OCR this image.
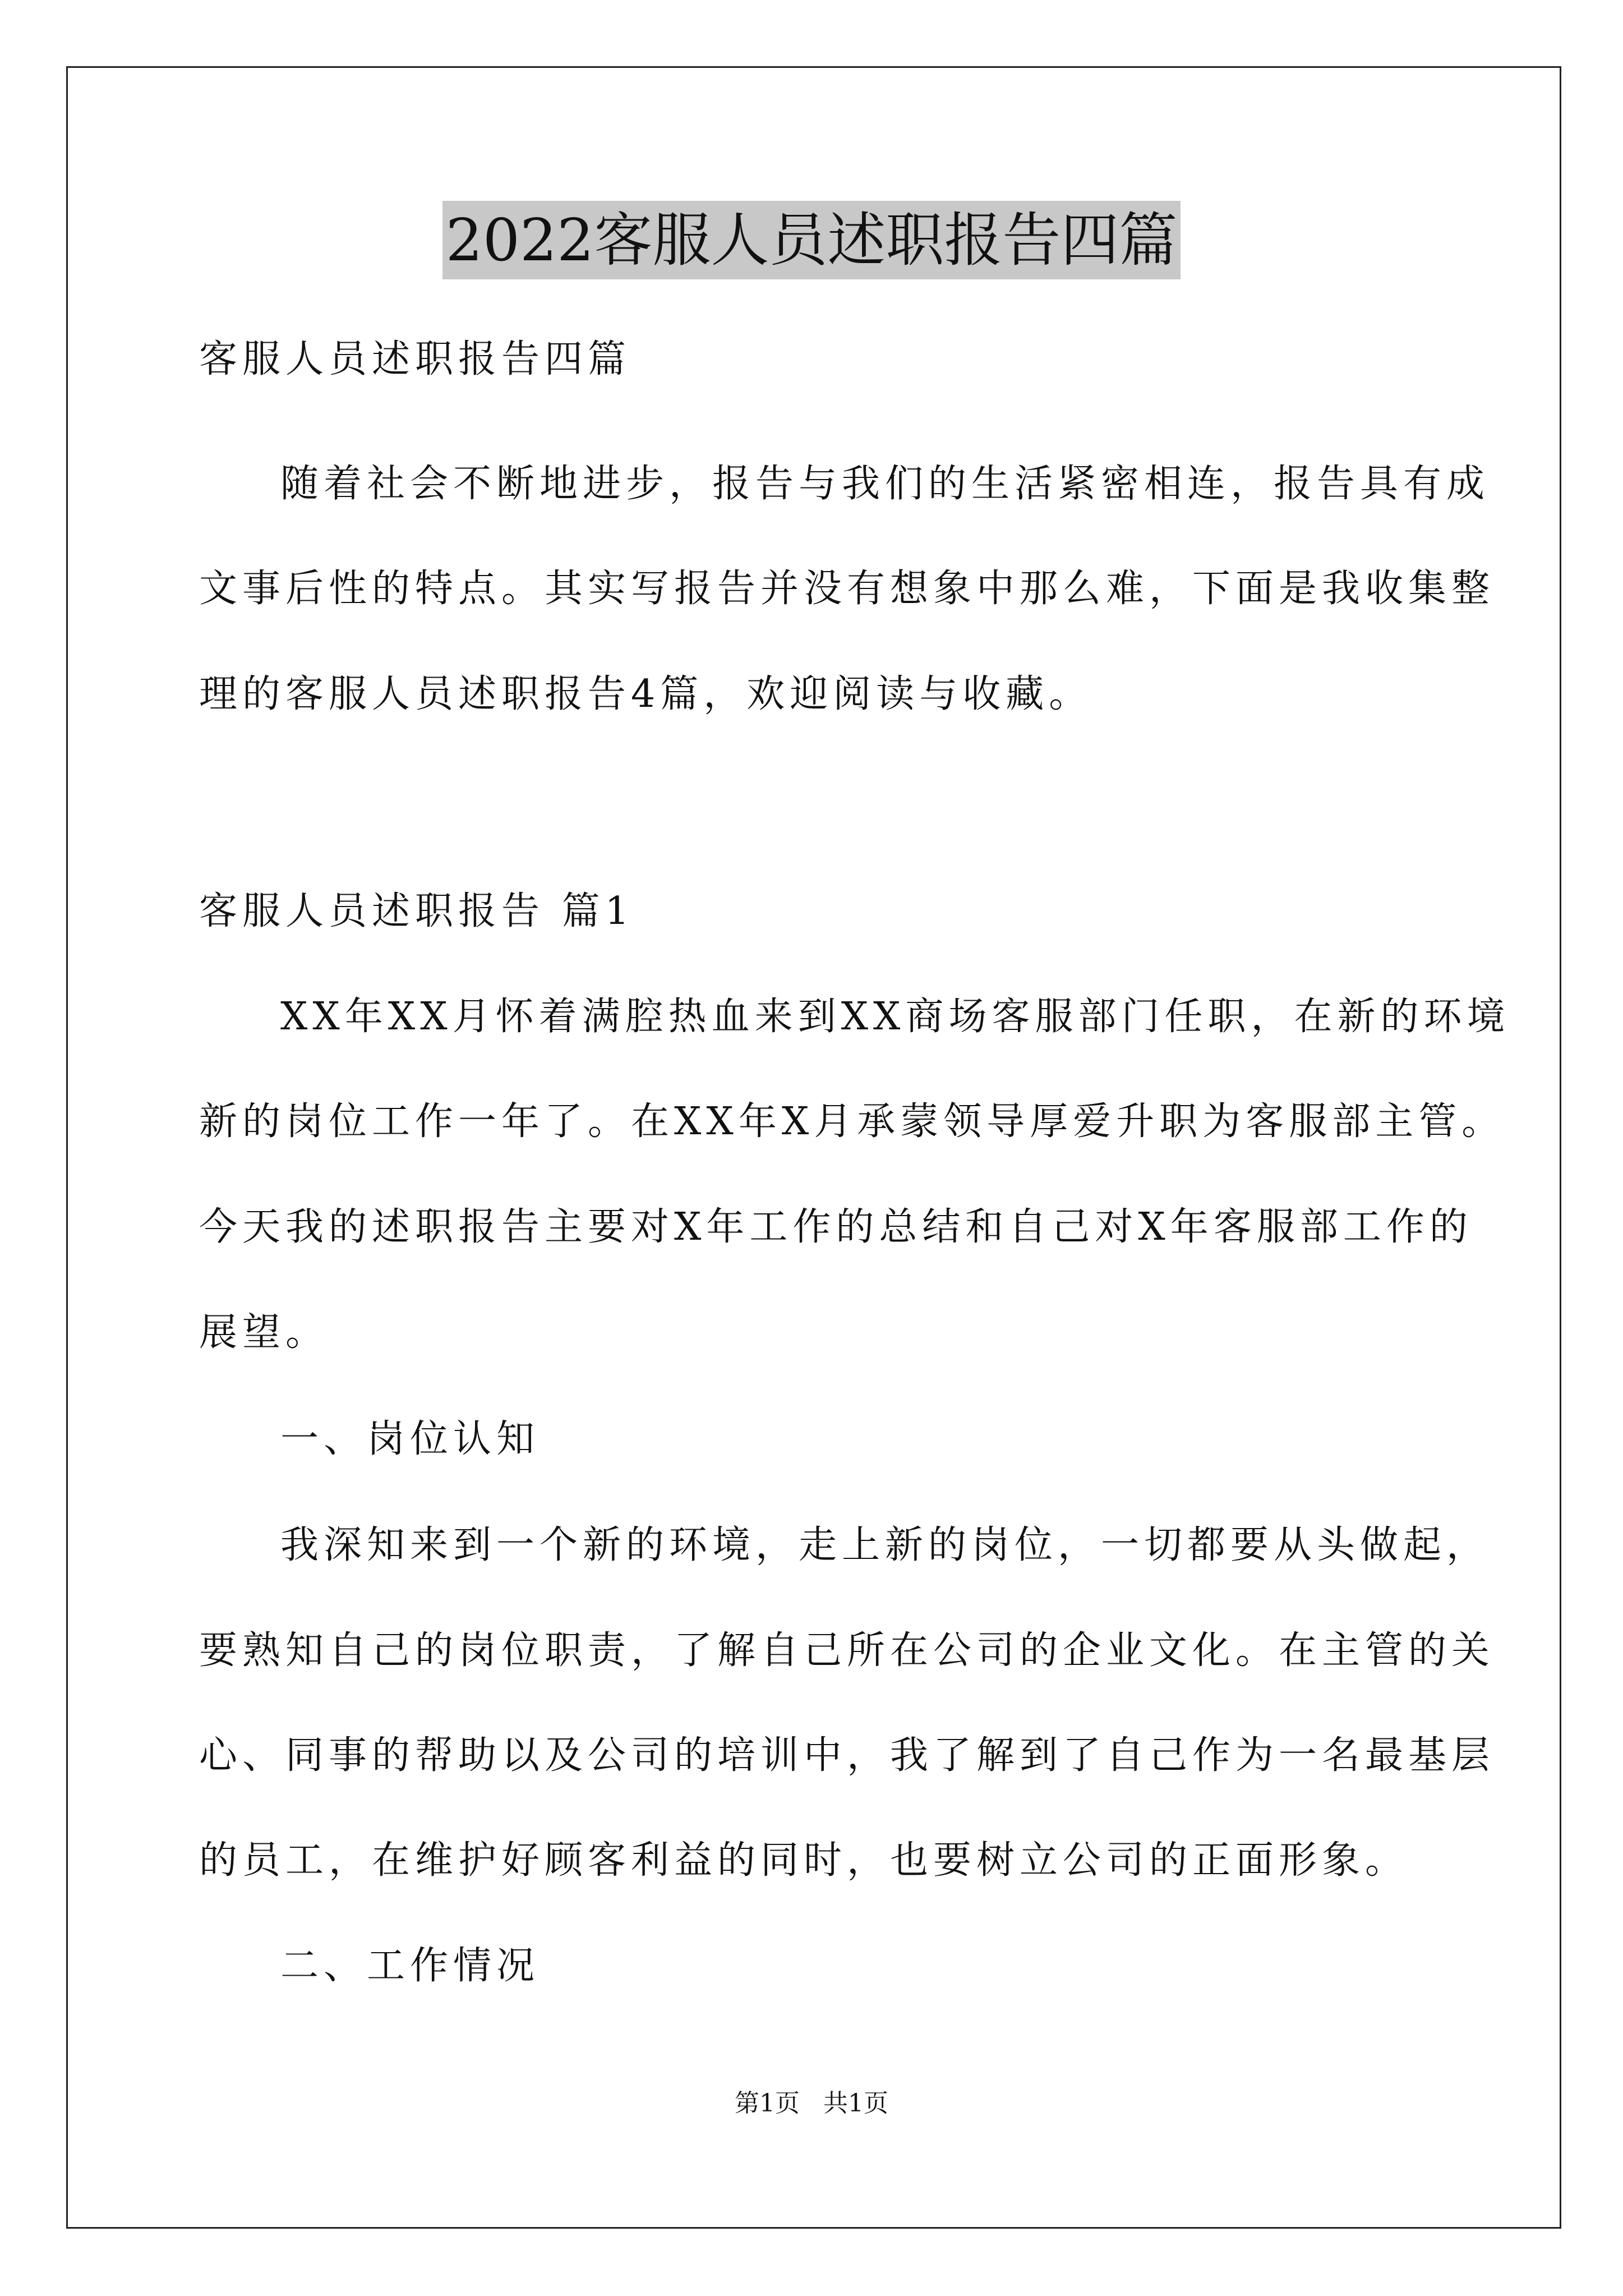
2022客服人员述职报告四篇
客服人员述职报告四篇
随着社会不断地进步，报告与我们的生活紧密相连，报告具有成
文事后性的特点。其实写报告并没有想象中那么难，下面是我收集整
理的客服人员述职报告4篇，欢迎阅读与收藏。
客服人员述职报告 篇1
XX年XX月怀着满腔热血来到XX商场客服部门任职，在新的环境
新的岗位工作一年了。在XX年X月承蒙领导厚爱升职为客服部主管。
今天我的述职报告主要对X年工作的总结和自己对X年客服部工作的
展望。
一、岗位认知
我深知来到一个新的环境，走上新的岗位，一切都要从头做起，
要熟知自己的岗位职责，了解自己所在公司的企业文化。在主管的关
心、同事的帮助以及公司的培训中，我了解到了自己作为一名最基层
的员工，在维护好顾客利益的同时，也要树立公司的正面形象。
二、工作情况
第1页   共1页
